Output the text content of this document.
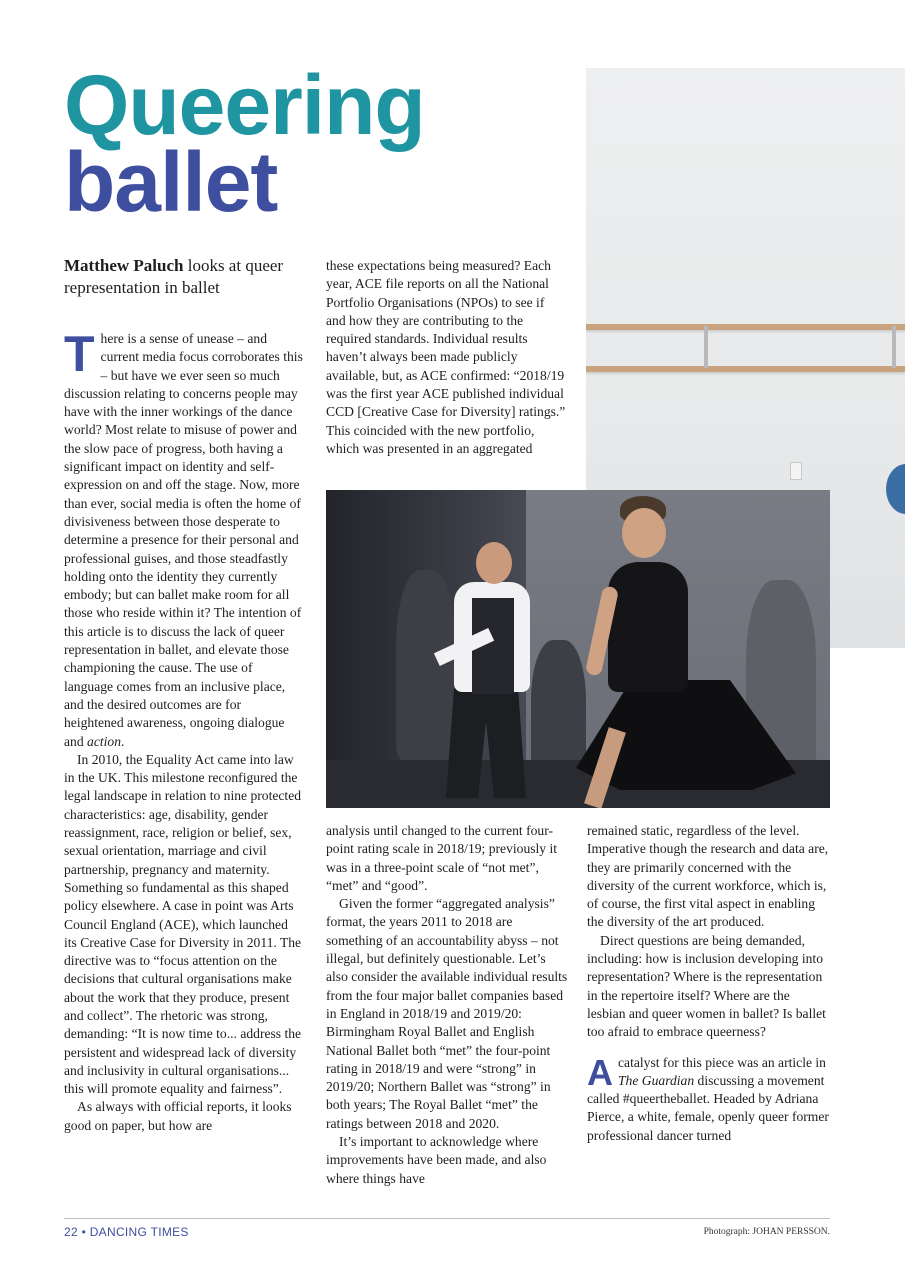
Queering
ballet

Matthew Paluch looks at queer representation in ballet

There is a sense of unease – and current media focus corroborates this – but have we ever seen so much discussion relating to concerns people may have with the inner workings of the dance world? Most relate to misuse of power and the slow pace of progress, both having a significant impact on identity and self-expression on and off the stage. Now, more than ever, social media is often the home of divisiveness between those desperate to determine a presence for their personal and professional guises, and those steadfastly holding onto the identity they currently embody; but can ballet make room for all those who reside within it? The intention of this article is to discuss the lack of queer representation in ballet, and elevate those championing the cause. The use of language comes from an inclusive place, and the desired outcomes are for heightened awareness, ongoing dialogue and action.

In 2010, the Equality Act came into law in the UK. This milestone reconfigured the legal landscape in relation to nine protected characteristics: age, disability, gender reassignment, race, religion or belief, sex, sexual orientation, marriage and civil partnership, pregnancy and maternity. Something so fundamental as this shaped policy elsewhere. A case in point was Arts Council England (ACE), which launched its Creative Case for Diversity in 2011. The directive was to “focus attention on the decisions that cultural organisations make about the work that they produce, present and collect”. The rhetoric was strong, demanding: “It is now time to... address the persistent and widespread lack of diversity and inclusivity in cultural organisations... this will promote equality and fairness”.

As always with official reports, it looks good on paper, but how are

these expectations being measured? Each year, ACE file reports on all the National Portfolio Organisations (NPOs) to see if and how they are contributing to the required standards. Individual results haven’t always been made publicly available, but, as ACE confirmed: “2018/19 was the first year ACE published individual CCD [Creative Case for Diversity] ratings.” This coincided with the new portfolio, which was presented in an aggregated

analysis until changed to the current four-point rating scale in 2018/19; previously it was in a three-point scale of “not met”, “met” and “good”.

Given the former “aggregated analysis” format, the years 2011 to 2018 are something of an accountability abyss – not illegal, but definitely questionable. Let’s also consider the available individual results from the four major ballet companies based in England in 2018/19 and 2019/20: Birmingham Royal Ballet and English National Ballet both “met” the four-point rating in 2018/19 and were “strong” in 2019/20; Northern Ballet was “strong” in both years; The Royal Ballet “met” the ratings between 2018 and 2020.

It’s important to acknowledge where improvements have been made, and also where things have

remained static, regardless of the level. Imperative though the research and data are, they are primarily concerned with the diversity of the current workforce, which is, of course, the first vital aspect in enabling the diversity of the art produced.

Direct questions are being demanded, including: how is inclusion developing into representation? Where is the representation in the repertoire itself? Where are the lesbian and queer women in ballet? Is ballet too afraid to embrace queerness?

Acatalyst for this piece was an article in The Guardian discussing a movement called #queertheballet. Headed by Adriana Pierce, a white, female, openly queer former professional dancer turned

22 • DANCING TIMES	Photograph: JOHAN PERSSON.
